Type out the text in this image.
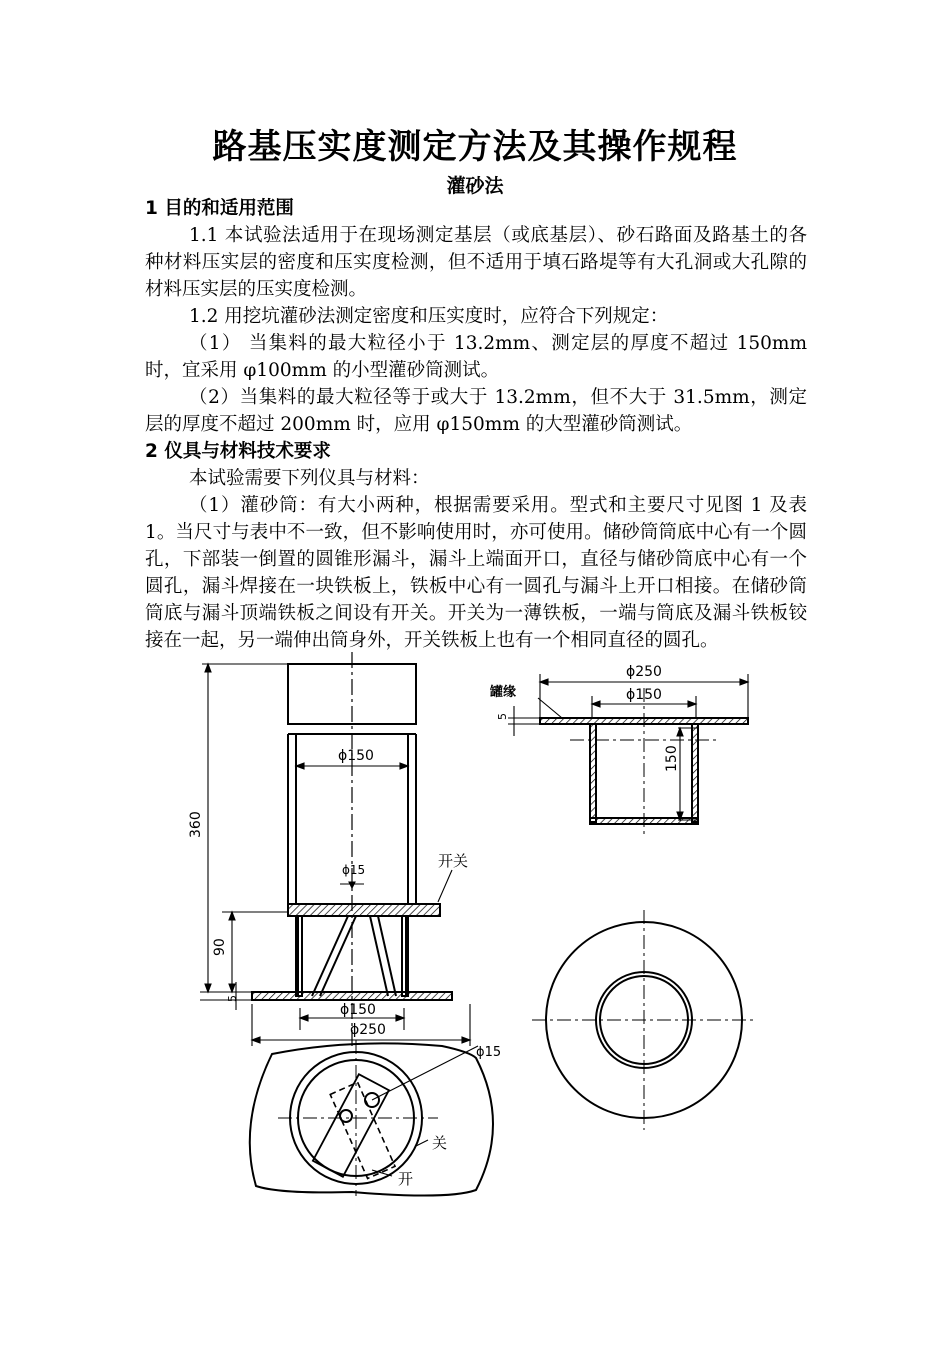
路基压实度测定方法及其操作规程
灌砂法
1 目的和适用范围

1.1 本试验法适用于在现场测定基层（或底基层）、砂石路面及路基土的各种材料压实层的密度和压实度检测，但不适用于填石路堤等有大孔洞或大孔隙的材料压实层的压实度检测。

1.2 用挖坑灌砂法测定密度和压实度时，应符合下列规定：

（1） 当集料的最大粒径小于 13.2mm、测定层的厚度不超过 150mm 时，宜采用 φ100mm 的小型灌砂筒测试。

（2）当集料的最大粒径等于或大于 13.2mm，但不大于 31.5mm，测定层的厚度不超过 200mm 时，应用 φ150mm 的大型灌砂筒测试。

2 仪具与材料技术要求

本试验需要下列仪具与材料：

（1）灌砂筒：有大小两种，根据需要采用。型式和主要尺寸见图 1 及表 1。当尺寸与表中不一致，但不影响使用时，亦可使用。储砂筒筒底中心有一个圆孔，下部装一倒置的圆锥形漏斗，漏斗上端面开口，直径与储砂筒底中心有一个圆孔，漏斗焊接在一块铁板上，铁板中心有一圆孔与漏斗上开口相接。在储砂筒筒底与漏斗顶端铁板之间设有开关。开关为一薄铁板，一端与筒底及漏斗铁板铰接在一起，另一端伸出筒身外，开关铁板上也有一个相同直径的圆孔。

ϕ150
360
ϕ15	开关
90
5
ϕ150
ϕ250
ϕ15
关
开
ϕ250
ϕ150
罐缘
5
150
